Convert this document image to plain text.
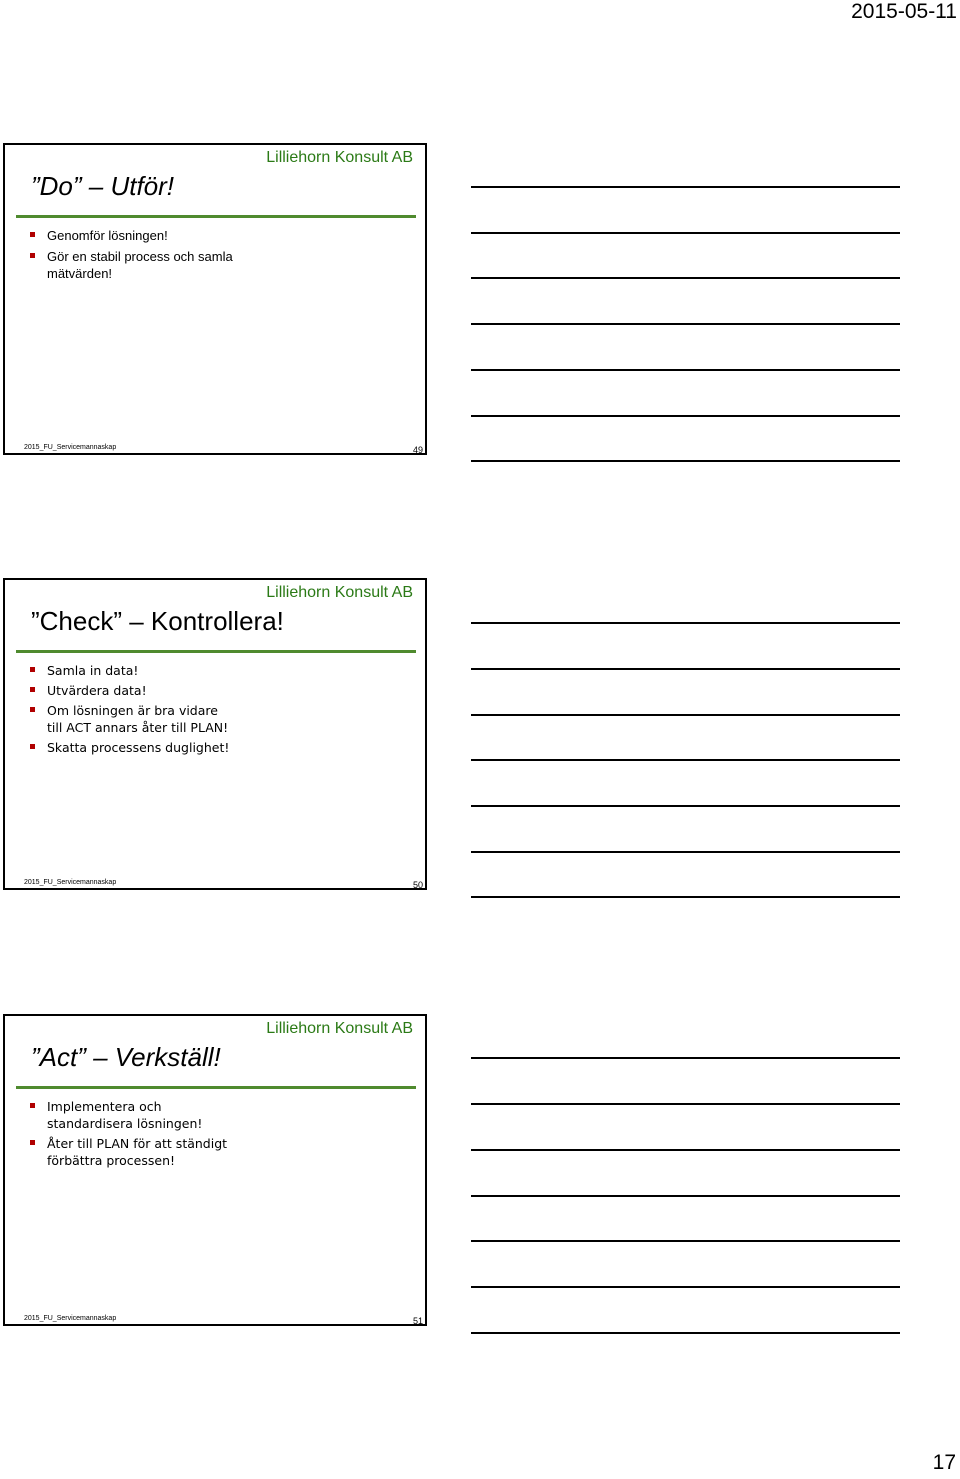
2015-05-11
Lilliehorn Konsult AB
”Do” – Utför!
Genomför lösningen!
Gör en stabil process och samla mätvärden!
2015_FU_Servicemannaskap	49
Lilliehorn Konsult AB
”Check” – Kontrollera!
Samla in data!
Utvärdera data!
Om lösningen är bra vidare till ACT annars åter till PLAN!
Skatta processens duglighet!
2015_FU_Servicemannaskap	50
Lilliehorn Konsult AB
”Act” – Verkställ!
Implementera och standardisera lösningen!
Åter till PLAN för att ständigt förbättra processen!
2015_FU_Servicemannaskap	51
17
